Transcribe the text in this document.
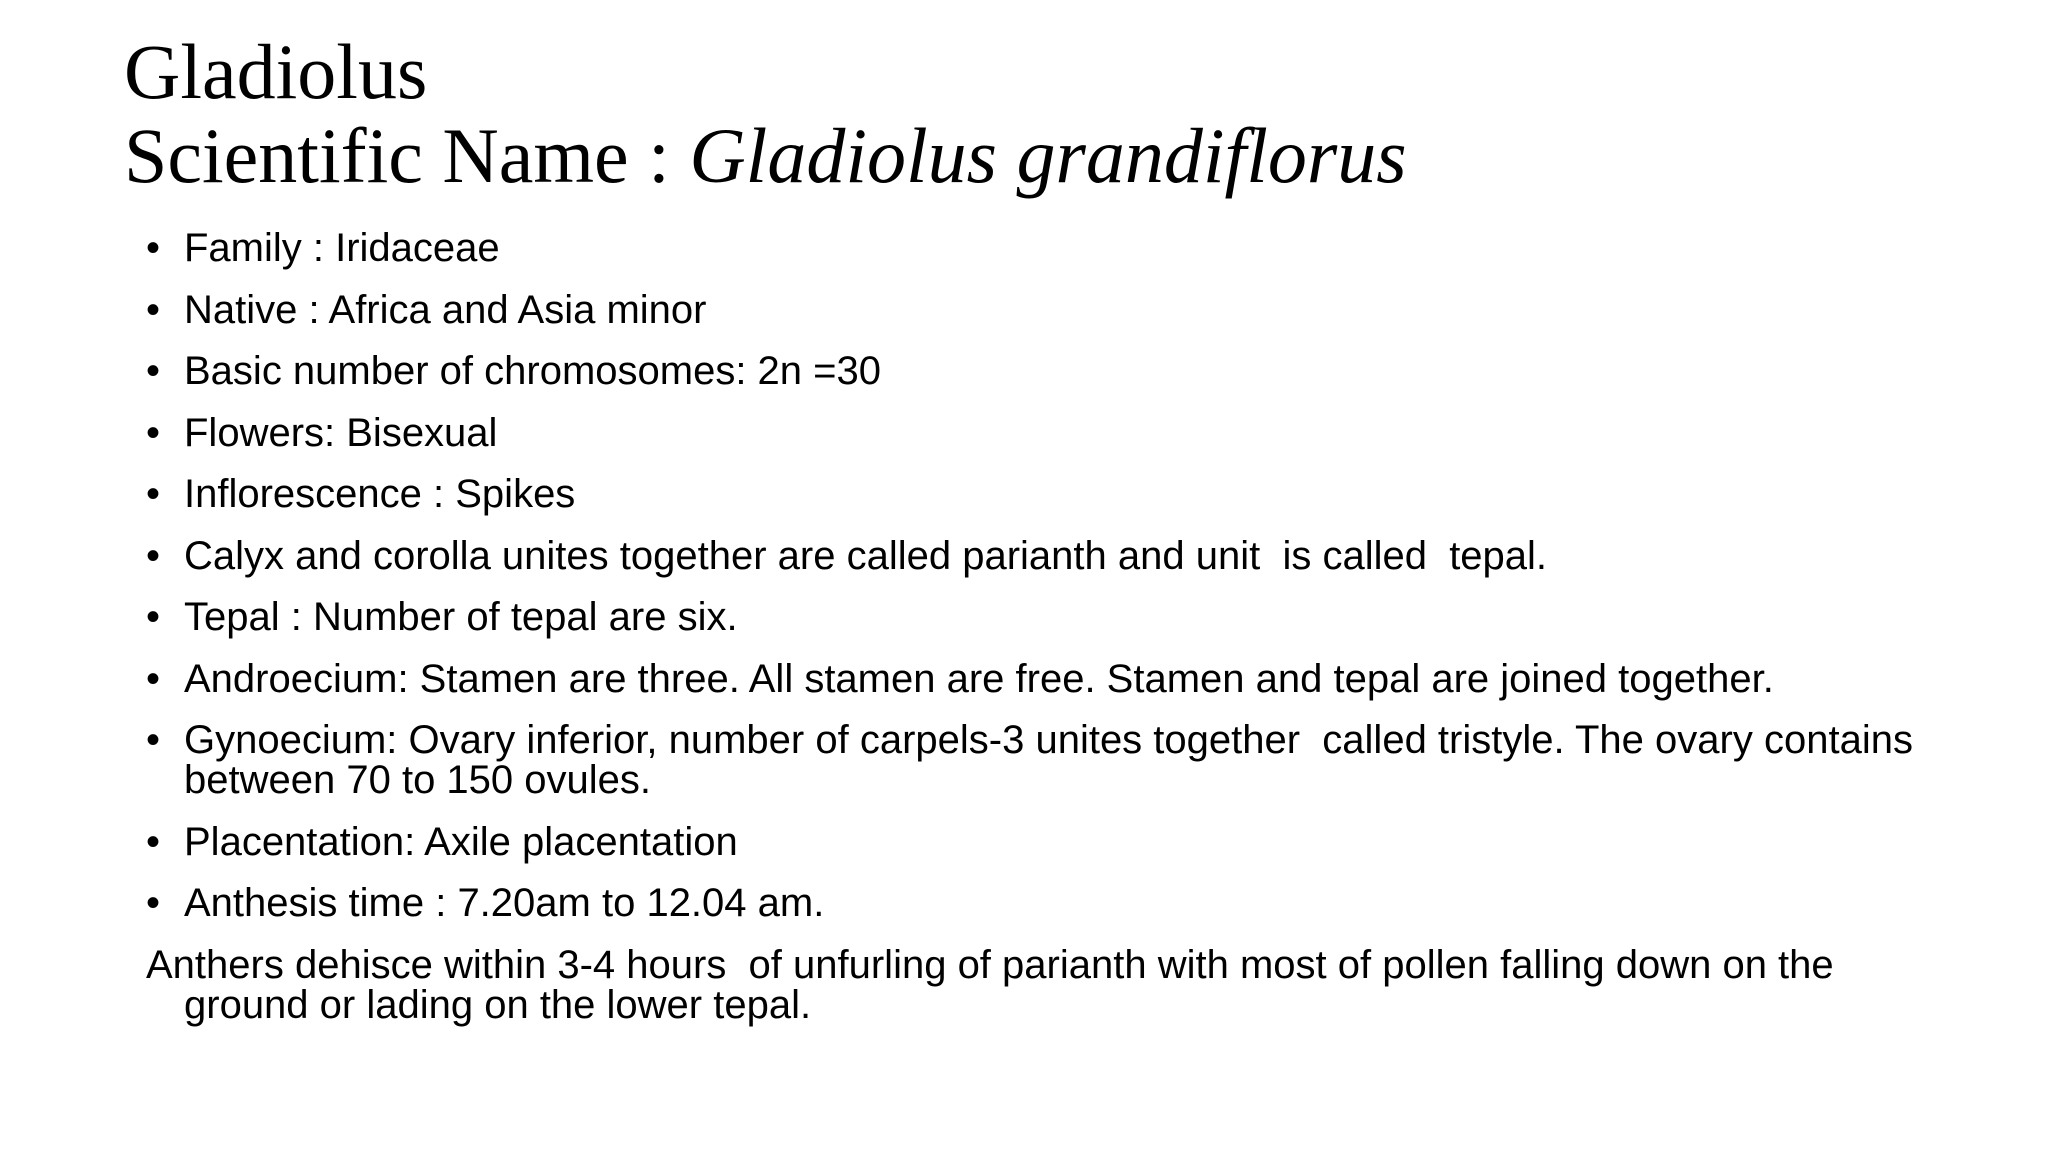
Gladiolus
Scientific Name : Gladiolus grandiflorus
• Family : Iridaceae
• Native : Africa and Asia minor
• Basic number of chromosomes: 2n =30
• Flowers: Bisexual
• Inflorescence : Spikes
• Calyx and corolla unites together are called parianth and unit  is called  tepal.
• Tepal : Number of tepal are six.
• Androecium: Stamen are three. All stamen are free. Stamen and tepal are joined together.
• Gynoecium: Ovary inferior, number of carpels-3 unites together  called tristyle. The ovary contains between 70 to 150 ovules.
• Placentation: Axile placentation
• Anthesis time : 7.20am to 12.04 am.
Anthers dehisce within 3-4 hours  of unfurling of parianth with most of pollen falling down on the ground or lading on the lower tepal.
